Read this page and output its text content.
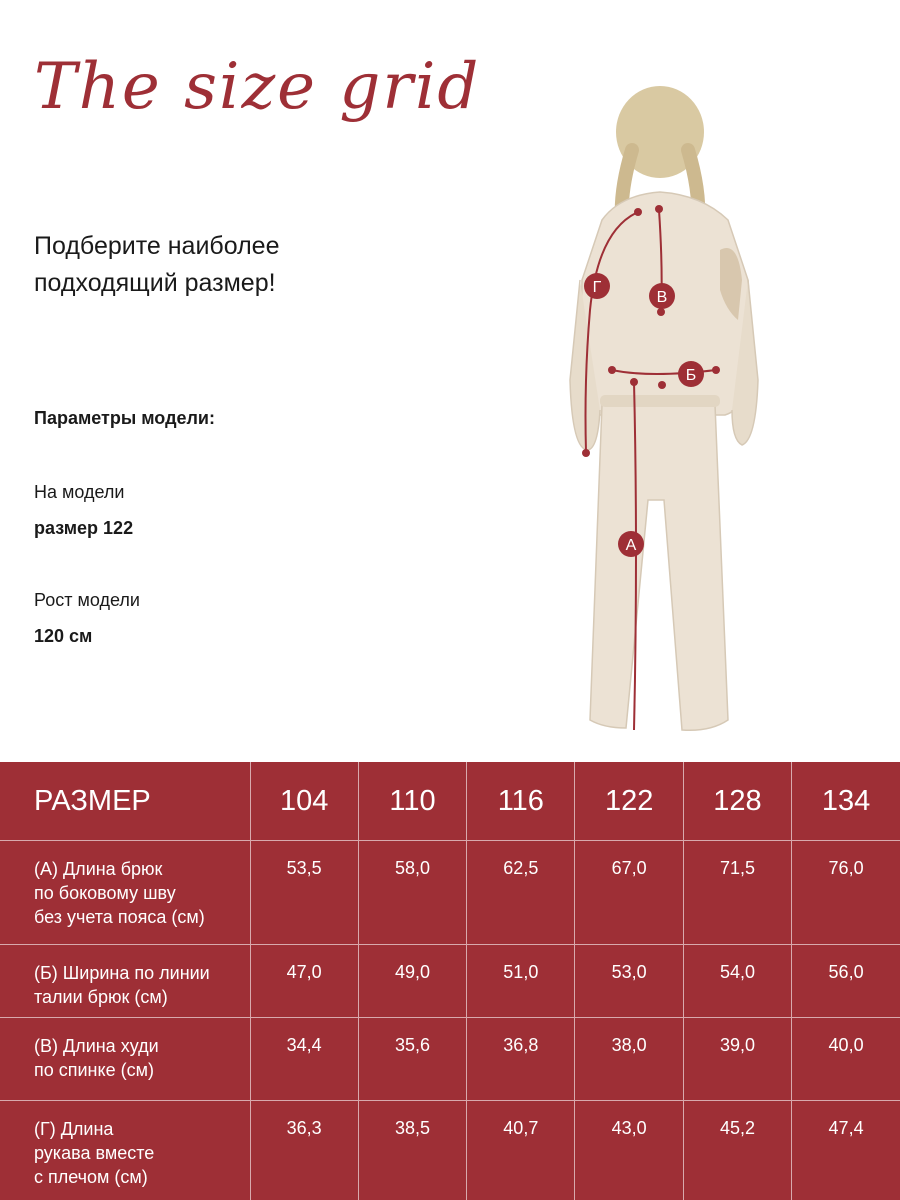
The size grid
Подберите наиболее подходящий размер!
Параметры модели:
На модели
размер 122
Рост модели
120 см
Г
В
Б
А
РАЗМЕР	104	110	116	122	128	134

(А) Длина брюк
по боковому шву
без учета пояса (см)	53,5	58,0	62,5	67,0	71,5	76,0

(Б) Ширина по линии
талии брюк (см)	47,0	49,0	51,0	53,0	54,0	56,0

(В) Длина худи
по спинке (см)	34,4	35,6	36,8	38,0	39,0	40,0

(Г) Длина
рукава вместе
с плечом (см)	36,3	38,5	40,7	43,0	45,2	47,4
